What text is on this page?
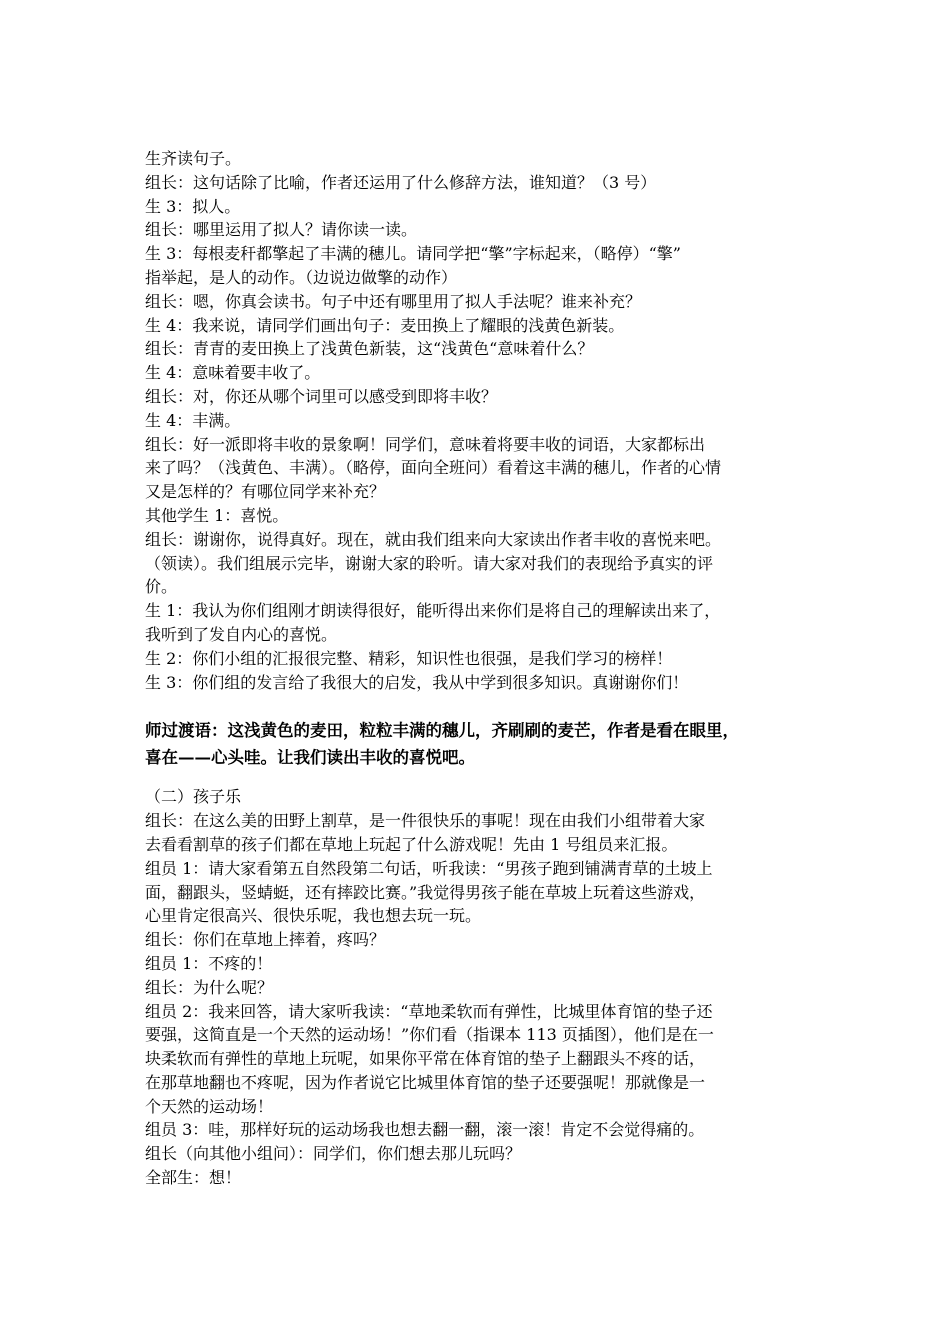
生齐读句子。
组长：这句话除了比喻，作者还运用了什么修辞方法，谁知道？（3 号）
生 3：拟人。
组长：哪里运用了拟人？请你读一读。
生 3：每根麦秆都擎起了丰满的穗儿。请同学把“擎”字标起来，（略停）“擎”
指举起，是人的动作。（边说边做擎的动作）
组长：嗯，你真会读书。句子中还有哪里用了拟人手法呢？谁来补充？
生 4：我来说，请同学们画出句子：麦田换上了耀眼的浅黄色新装。
组长：青青的麦田换上了浅黄色新装，这“浅黄色“意味着什么？
生 4：意味着要丰收了。
组长：对，你还从哪个词里可以感受到即将丰收？
生 4：丰满。
组长：好一派即将丰收的景象啊！同学们，意味着将要丰收的词语，大家都标出
来了吗？（浅黄色、丰满）。（略停，面向全班问）看着这丰满的穗儿，作者的心情
又是怎样的？有哪位同学来补充？
其他学生 1：喜悦。
组长：谢谢你，说得真好。现在，就由我们组来向大家读出作者丰收的喜悦来吧。
（领读）。我们组展示完毕，谢谢大家的聆听。请大家对我们的表现给予真实的评
价。
生 1：我认为你们组刚才朗读得很好，能听得出来你们是将自己的理解读出来了，
我听到了发自内心的喜悦。
生 2：你们小组的汇报很完整、精彩，知识性也很强，是我们学习的榜样！
生 3：你们组的发言给了我很大的启发，我从中学到很多知识。真谢谢你们！
师过渡语：这浅黄色的麦田，粒粒丰满的穗儿，齐刷刷的麦芒，作者是看在眼里，
喜在——心头哇。让我们读出丰收的喜悦吧。
（二）孩子乐
组长：在这么美的田野上割草，是一件很快乐的事呢！现在由我们小组带着大家
去看看割草的孩子们都在草地上玩起了什么游戏呢！先由 1 号组员来汇报。
组员 1：请大家看第五自然段第二句话，听我读：“男孩子跑到铺满青草的土坡上
面，翻跟头，竖蜻蜓，还有摔跤比赛。”我觉得男孩子能在草坡上玩着这些游戏，
心里肯定很高兴、很快乐呢，我也想去玩一玩。
组长：你们在草地上摔着，疼吗？
组员 1：不疼的！
组长：为什么呢？
组员 2：我来回答，请大家听我读：“草地柔软而有弹性，比城里体育馆的垫子还
要强，这简直是一个天然的运动场！”你们看（指课本 113 页插图），他们是在一
块柔软而有弹性的草地上玩呢，如果你平常在体育馆的垫子上翻跟头不疼的话，
在那草地翻也不疼呢，因为作者说它比城里体育馆的垫子还要强呢！那就像是一
个天然的运动场！
组员 3：哇，那样好玩的运动场我也想去翻一翻，滚一滚！肯定不会觉得痛的。
组长（向其他小组问）：同学们，你们想去那儿玩吗？
全部生：想！
